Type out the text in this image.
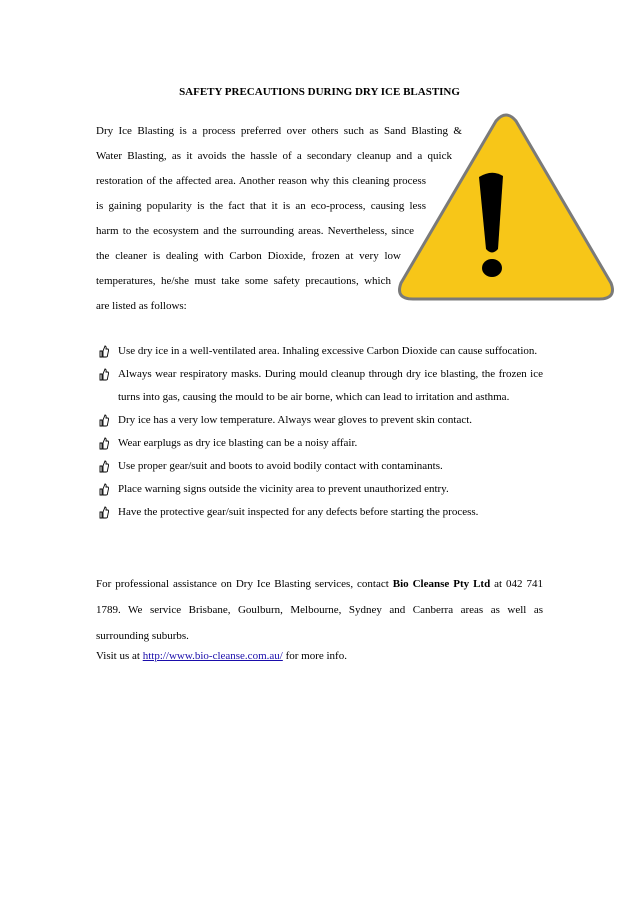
SAFETY PRECAUTIONS DURING DRY ICE BLASTING

Dry Ice Blasting is a process preferred over others such as Sand Blasting &
Water Blasting, as it avoids the hassle of a secondary cleanup and a quick
restoration of the affected area. Another reason why this cleaning process
is gaining popularity is the fact that it is an eco-process, causing less
harm to the ecosystem and the surrounding areas. Nevertheless, since
the cleaner is dealing with Carbon Dioxide, frozen at very low
temperatures, he/she must take some safety precautions, which
are listed as follows:

Use dry ice in a well-ventilated area. Inhaling excessive Carbon Dioxide can cause suffocation.
Always wear respiratory masks. During mould cleanup through dry ice blasting, the frozen ice turns into gas, causing the mould to be air borne, which can lead to irritation and asthma.
Dry ice has a very low temperature. Always wear gloves to prevent skin contact.
Wear earplugs as dry ice blasting can be a noisy affair.
Use proper gear/suit and boots to avoid bodily contact with contaminants.
Place warning signs outside the vicinity area to prevent unauthorized entry.
Have the protective gear/suit inspected for any defects before starting the process.

For professional assistance on Dry Ice Blasting services, contact Bio Cleanse Pty Ltd at 042 741
1789. We service Brisbane, Goulburn, Melbourne, Sydney and Canberra areas as well as
surrounding suburbs.

Visit us at http://www.bio-cleanse.com.au/ for more info.
